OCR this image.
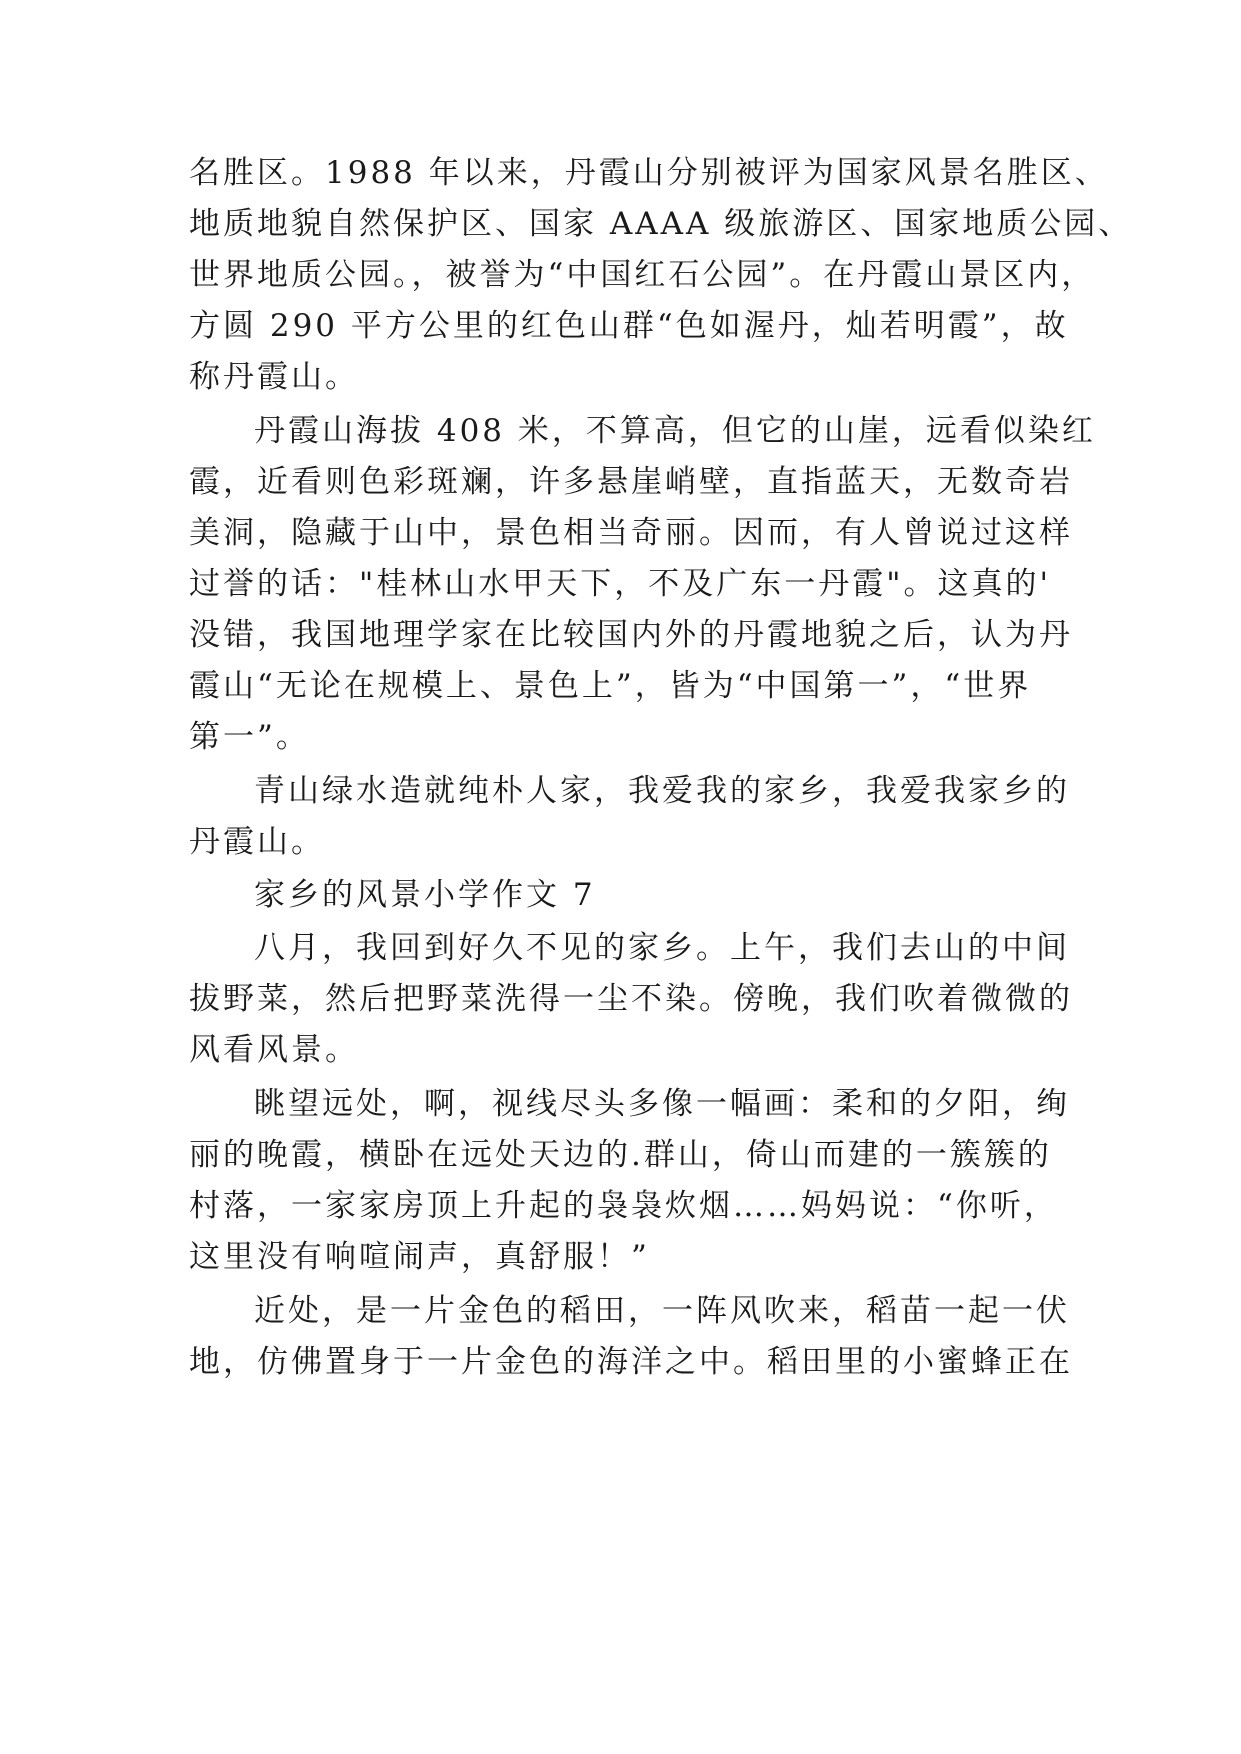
名胜区。1988 年以来，丹霞山分别被评为国家风景名胜区、
地质地貌自然保护区、国家 AAAA 级旅游区、国家地质公园、
世界地质公园。，被誉为“中国红石公园”。在丹霞山景区内，
方圆 290 平方公里的红色山群“色如渥丹，灿若明霞”，故
称丹霞山。
丹霞山海拔 408 米，不算高，但它的山崖，远看似染红
霞，近看则色彩斑斓，许多悬崖峭壁，直指蓝天，无数奇岩
美洞，隐藏于山中，景色相当奇丽。因而，有人曾说过这样
过誉的话："桂林山水甲天下，不及广东一丹霞"。这真的'
没错，我国地理学家在比较国内外的丹霞地貌之后，认为丹
霞山“无论在规模上、景色上”，皆为“中国第一”，“世界
第一”。
青山绿水造就纯朴人家，我爱我的家乡，我爱我家乡的
丹霞山。
家乡的风景小学作文 7
八月，我回到好久不见的家乡。上午，我们去山的中间
拔野菜，然后把野菜洗得一尘不染。傍晚，我们吹着微微的
风看风景。
眺望远处，啊，视线尽头多像一幅画：柔和的夕阳，绚
丽的晚霞，横卧在远处天边的.群山，倚山而建的一簇簇的
村落，一家家房顶上升起的袅袅炊烟……妈妈说：“你听，
这里没有响喧闹声，真舒服！”
近处，是一片金色的稻田，一阵风吹来，稻苗一起一伏
地，仿佛置身于一片金色的海洋之中。稻田里的小蜜蜂正在
